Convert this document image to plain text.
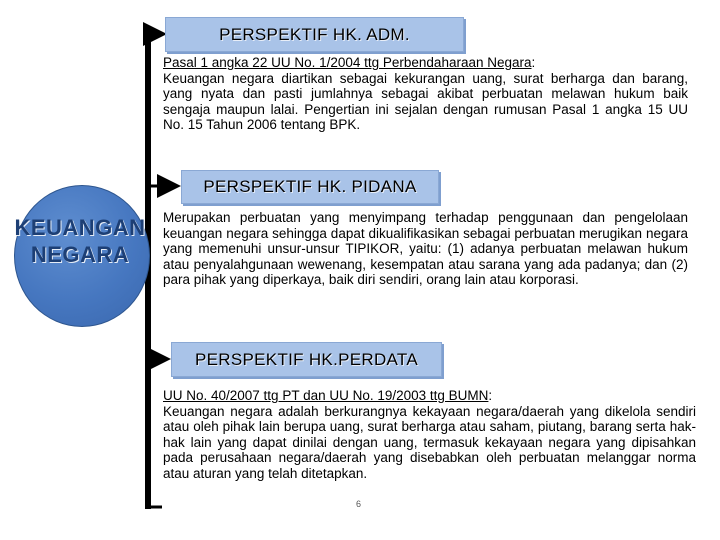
KEUANGAN
NEGARA
PERSPEKTIF HK. ADM.
Pasal 1 angka 22 UU No. 1/2004 ttg Perbendaharaan Negara:
Keuangan negara diartikan sebagai kekurangan uang, surat berharga dan barang, yang nyata dan pasti jumlahnya sebagai akibat perbuatan melawan hukum baik sengaja maupun lalai. Pengertian ini sejalan dengan rumusan Pasal 1 angka 15 UU No. 15 Tahun 2006 tentang BPK.
PERSPEKTIF HK. PIDANA
Merupakan perbuatan yang menyimpang terhadap penggunaan dan pengelolaan keuangan negara sehingga dapat dikualifikasikan sebagai perbuatan merugikan negara yang memenuhi unsur-unsur TIPIKOR, yaitu: (1) adanya perbuatan melawan hukum atau penyalahgunaan wewenang, kesempatan atau sarana yang ada padanya; dan (2) para pihak yang diperkaya, baik diri sendiri, orang lain atau korporasi.
PERSPEKTIF HK.PERDATA
UU No. 40/2007 ttg PT dan UU No. 19/2003 ttg BUMN:
Keuangan negara adalah berkurangnya kekayaan negara/daerah yang dikelola sendiri atau oleh pihak lain berupa uang, surat berharga atau saham, piutang, barang serta hak-hak lain yang dapat dinilai dengan uang, termasuk kekayaan negara yang dipisahkan pada perusahaan negara/daerah yang disebabkan oleh perbuatan melanggar norma atau aturan yang telah ditetapkan.
6
